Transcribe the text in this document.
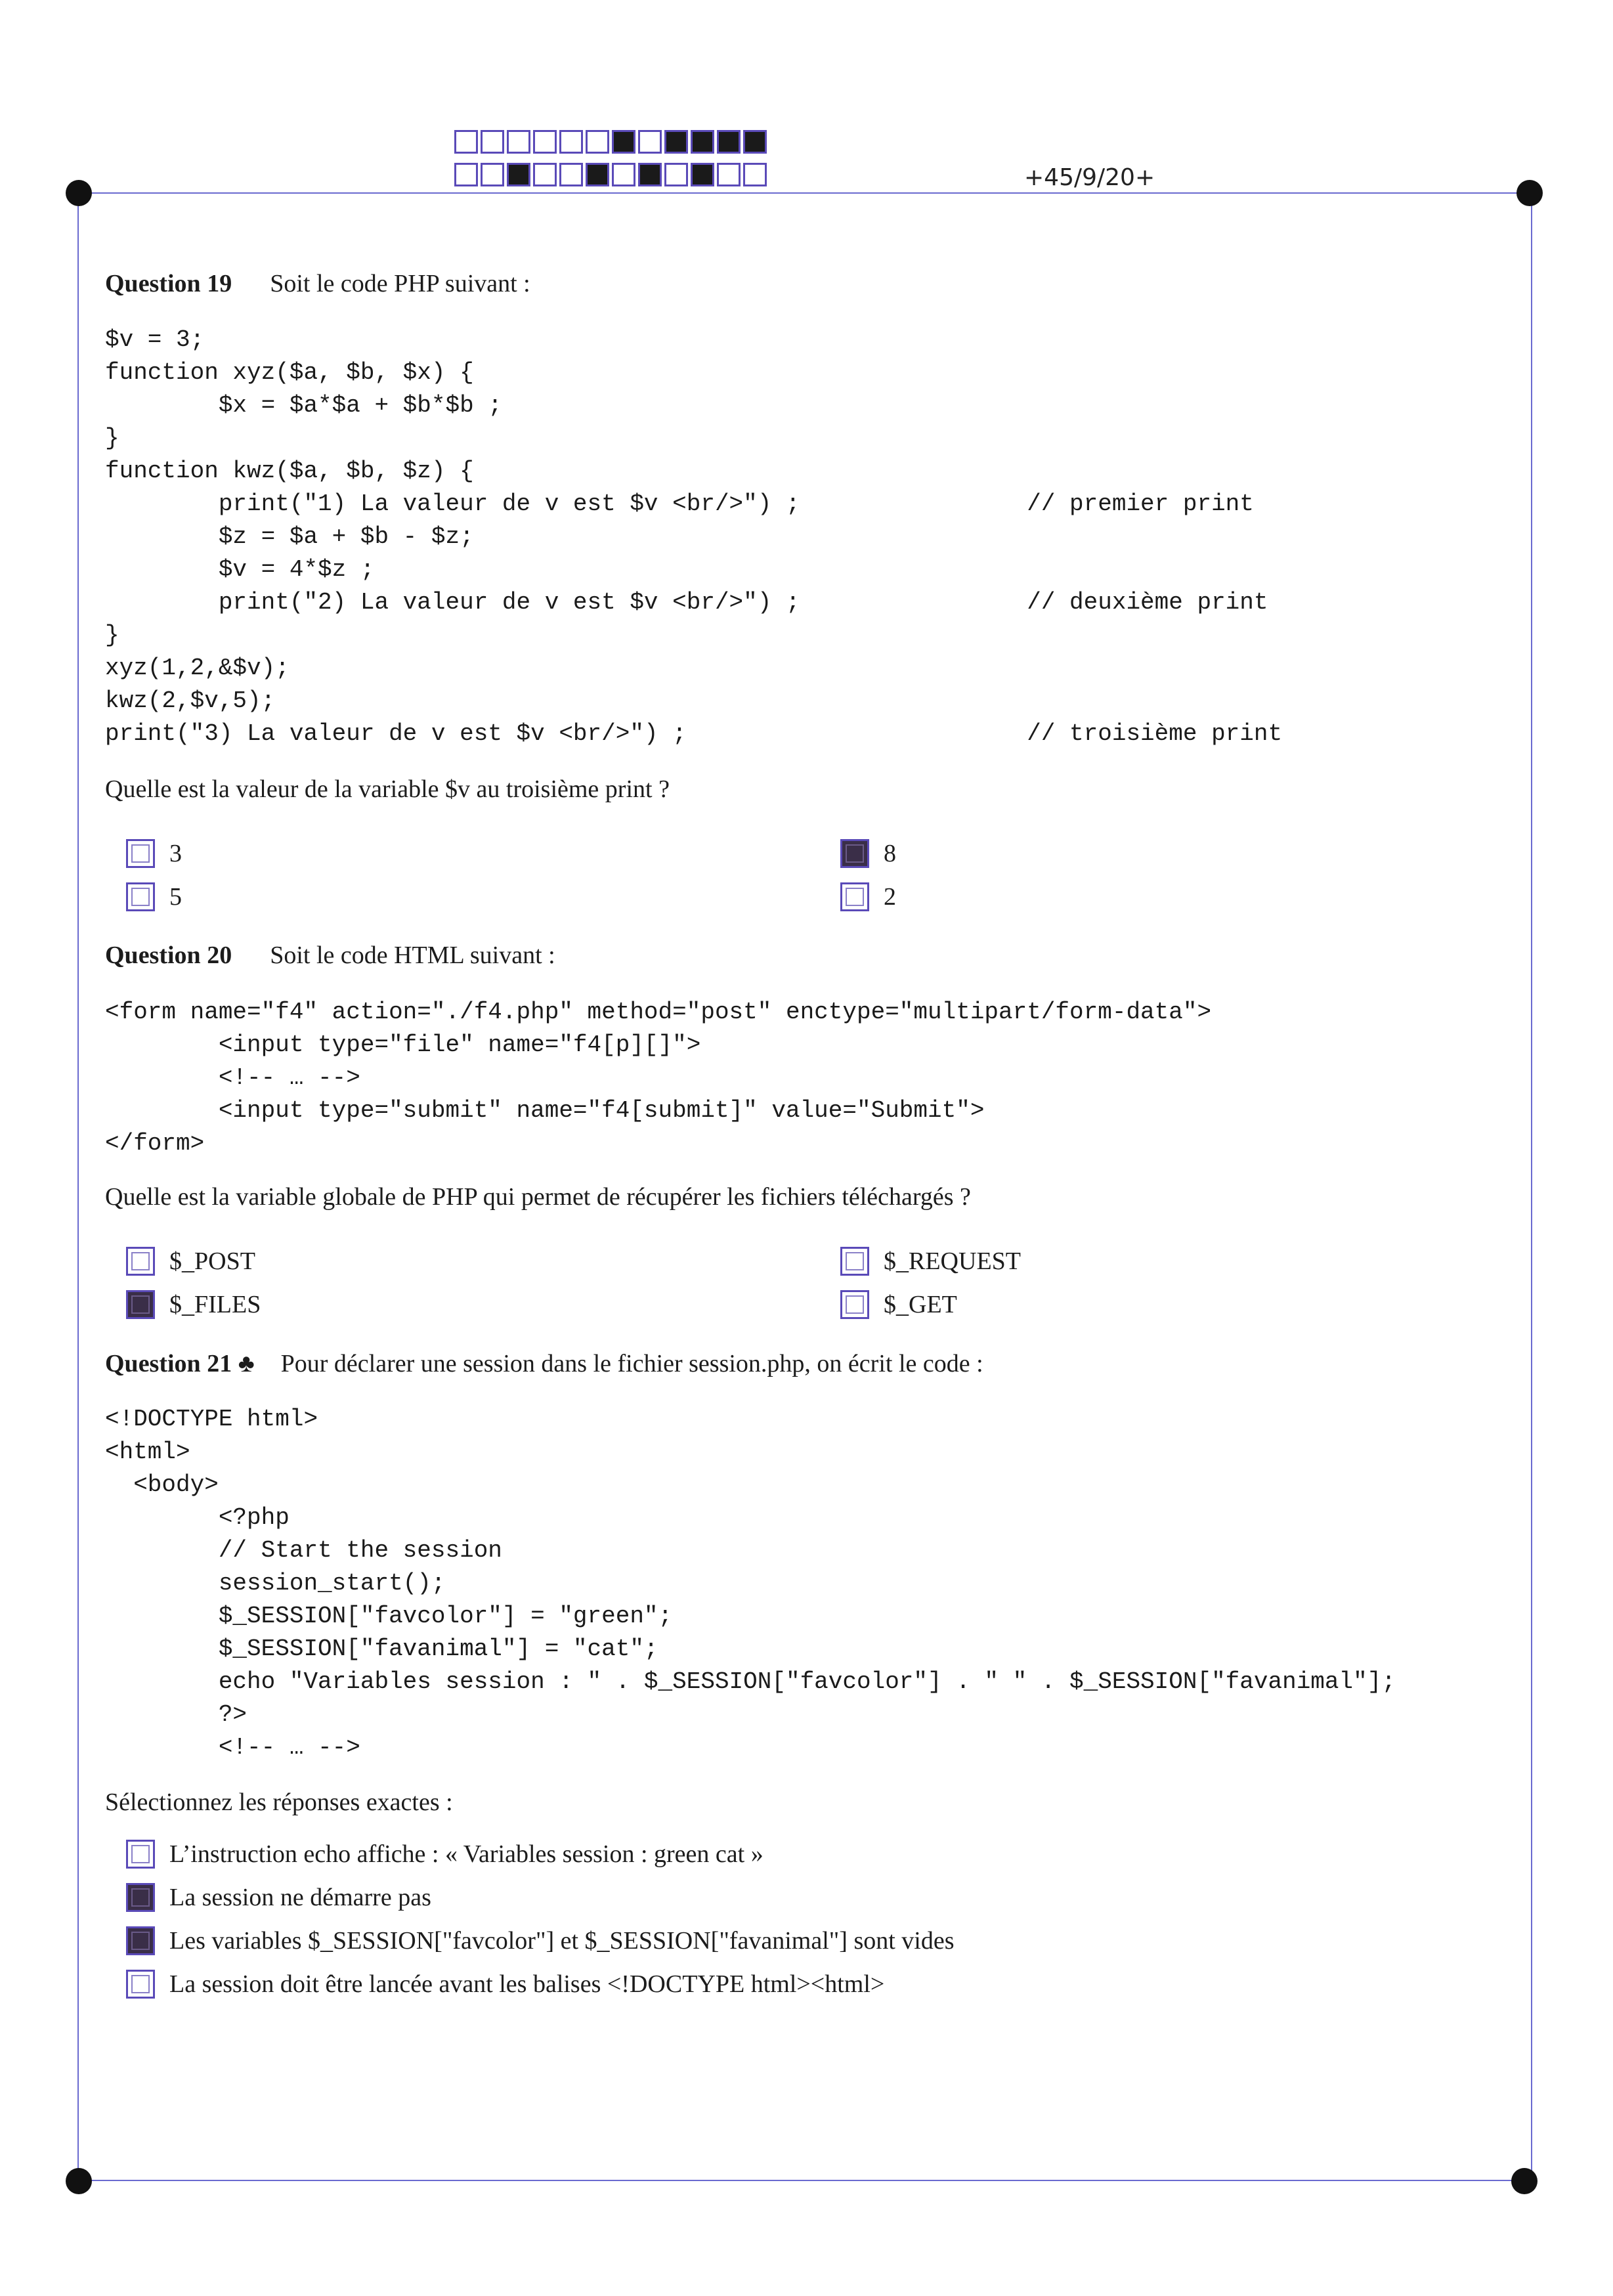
+45/9/20+
Question 19 Soit le code PHP suivant :
$v = 3;
function xyz($a, $b, $x) {
$x = $a*$a + $b*$b ;
}
function kwz($a, $b, $z) {
print("1) La valeur de v est $v <br/>") ;                // premier print
$z = $a + $b - $z;
$v = 4*$z ;
print("2) La valeur de v est $v <br/>") ;                // deuxième print
}
xyz(1,2,&$v);
kwz(2,$v,5);
print("3) La valeur de v est $v <br/>") ;                        // troisième print
Quelle est la valeur de la variable $v au troisième print ?
3	8
5	2
Question 20 Soit le code HTML suivant :
<form name="f4" action="./f4.php" method="post" enctype="multipart/form-data">
<input type="file" name="f4[p][]">
<!-- … -->
<input type="submit" name="f4[submit]" value="Submit">
</form>
Quelle est la variable globale de PHP qui permet de récupérer les fichiers téléchargés ?
$_POST	$_REQUEST
$_FILES	$_GET
Question 21 ♣ Pour déclarer une session dans le fichier session.php, on écrit le code :
<!DOCTYPE html>
<html>
<body>
<?php
// Start the session
session_start();
$_SESSION["favcolor"] = "green";
$_SESSION["favanimal"] = "cat";
echo "Variables session : " . $_SESSION["favcolor"] . " " . $_SESSION["favanimal"];
?>
<!-- … -->
Sélectionnez les réponses exactes :
L’instruction echo affiche : « Variables session : green cat »
La session ne démarre pas
Les variables $_SESSION["favcolor"] et $_SESSION["favanimal"] sont vides
La session doit être lancée avant les balises <!DOCTYPE html><html>
